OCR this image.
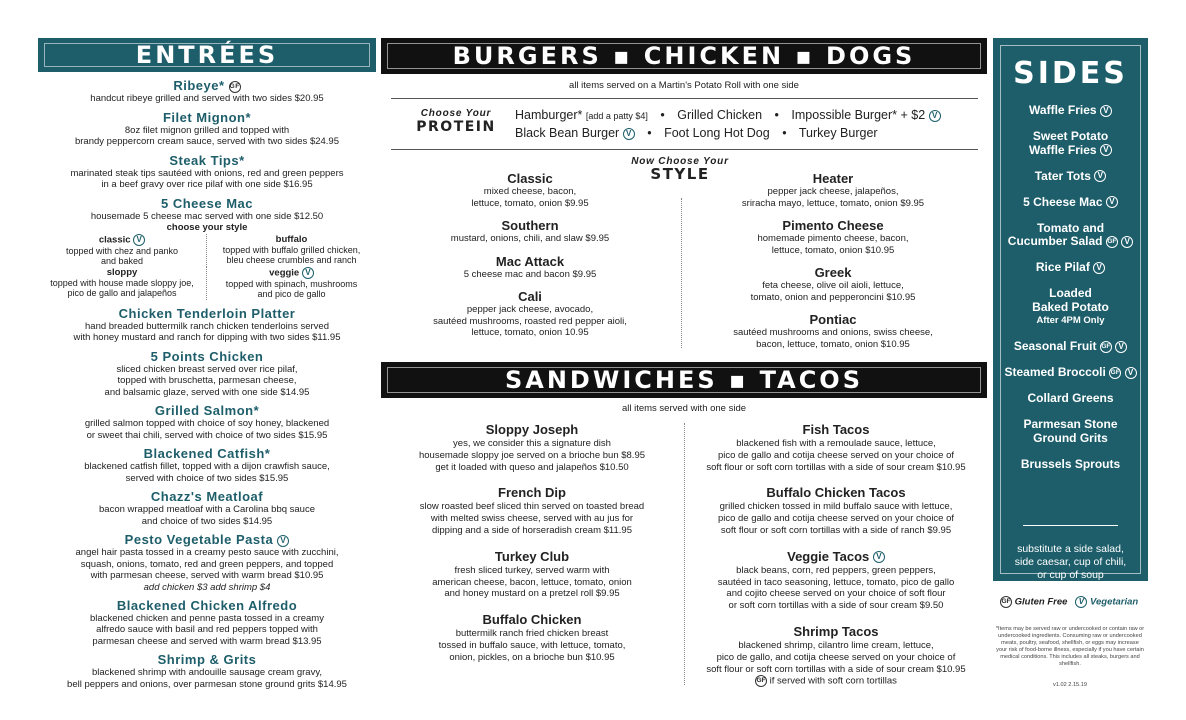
ENTRÉES
Ribeye* GF
handcut ribeye grilled and served with two sides $20.95
Filet Mignon*
8oz filet mignon grilled and topped with
brandy peppercorn cream sauce, served with two sides $24.95
Steak Tips*
marinated steak tips sautéed with onions, red and green peppers
in a beef gravy over rice pilaf with one side $16.95
5 Cheese Mac
housemade 5 cheese mac served with one side $12.50
choose your style
classic V
topped with chez and panko
and baked
buffalo
topped with buffalo grilled chicken,
bleu cheese crumbles and ranch
sloppy
topped with house made sloppy joe,
pico de gallo and jalapeños
veggie V
topped with spinach, mushrooms
and pico de gallo
Chicken Tenderloin Platter
hand breaded buttermilk ranch chicken tenderloins served
with honey mustard and ranch for dipping with two sides $11.95
5 Points Chicken
sliced chicken breast served over rice pilaf,
topped with bruschetta, parmesan cheese,
and balsamic glaze, served with one side $14.95
Grilled Salmon*
grilled salmon topped with choice of soy honey, blackened
or sweet thai chili, served with choice of two sides $15.95
Blackened Catfish*
blackened catfish fillet, topped with a dijon crawfish sauce,
served with choice of two sides $15.95
Chazz's Meatloaf
bacon wrapped meatloaf with a Carolina bbq sauce
and choice of two sides $14.95
Pesto Vegetable Pasta V
angel hair pasta tossed in a creamy pesto sauce with zucchini,
squash, onions, tomato, red and green peppers, and topped
with parmesan cheese, served with warm bread $10.95
add chicken $3 add shrimp $4
Blackened Chicken Alfredo
blackened chicken and penne pasta tossed in a creamy
alfredo sauce with basil and red peppers topped with
parmesan cheese and served with warm bread $13.95
Shrimp & Grits
blackened shrimp with andouille sausage cream gravy,
bell peppers and onions, over parmesan stone ground grits $14.95
BURGERS ▪ CHICKEN ▪ DOGS
all items served on a Martin's Potato Roll with one side
Choose Your
PROTEIN
Hamburger* [add a patty $4] • Grilled Chicken • Impossible Burger* + $2 V
Black Bean Burger V • Foot Long Hot Dog • Turkey Burger
Now Choose Your
STYLE
Classic
mixed cheese, bacon,
lettuce, tomato, onion $9.95
Southern
mustard, onions, chili, and slaw $9.95
Mac Attack
5 cheese mac and bacon $9.95
Cali
pepper jack cheese, avocado,
sautéed mushrooms, roasted red pepper aioli,
lettuce, tomato, onion 10.95
Heater
pepper jack cheese, jalapeños,
sriracha mayo, lettuce, tomato, onion $9.95
Pimento Cheese
homemade pimento cheese, bacon,
lettuce, tomato, onion $10.95
Greek
feta cheese, olive oil aioli, lettuce,
tomato, onion and pepperoncini $10.95
Pontiac
sautéed mushrooms and onions, swiss cheese,
bacon, lettuce, tomato, onion $10.95
SANDWICHES ▪ TACOS
all items served with one side
Sloppy Joseph
yes, we consider this a signature dish
housemade sloppy joe served on a brioche bun $8.95
get it loaded with queso and jalapeños $10.50
French Dip
slow roasted beef sliced thin served on toasted bread
with melted swiss cheese, served with au jus for
dipping and a side of horseradish cream $11.95
Turkey Club
fresh sliced turkey, served warm with
american cheese, bacon, lettuce, tomato, onion
and honey mustard on a pretzel roll $9.95
Buffalo Chicken
buttermilk ranch fried chicken breast
tossed in buffalo sauce, with lettuce, tomato,
onion, pickles, on a brioche bun $10.95
Fish Tacos
blackened fish with a remoulade sauce, lettuce,
pico de gallo and cotija cheese served on your choice of
soft flour or soft corn tortillas with a side of sour cream $10.95
Buffalo Chicken Tacos
grilled chicken tossed in mild buffalo sauce with lettuce,
pico de gallo and cotija cheese served on your choice of
soft flour or soft corn tortillas with a side of ranch $9.95
Veggie Tacos V
black beans, corn, red peppers, green peppers,
sautéed in taco seasoning, lettuce, tomato, pico de gallo
and cojito cheese served on your choice of soft flour
or soft corn tortillas with a side of sour cream $9.50
Shrimp Tacos
blackened shrimp, cilantro lime cream, lettuce,
pico de gallo, and cotija cheese served on your choice of
soft flour or soft corn tortillas with a side of sour cream $10.95
GF if served with soft corn tortillas
SIDES
Waffle Fries V
Sweet Potato
Waffle Fries V
Tater Tots V
5 Cheese Mac V
Tomato and
Cucumber Salad GF V
Rice Pilaf V
Loaded
Baked Potato
After 4PM Only
Seasonal Fruit GF V
Steamed Broccoli GF V
Collard Greens
Parmesan Stone
Ground Grits
Brussels Sprouts
substitute a side salad,
side caesar, cup of chili,
or cup of soup
for additional $1.95
GF Gluten Free V Vegetarian
*Items may be served raw or undercooked or contain raw or undercooked ingredients. Consuming raw or undercooked meats, poultry, seafood, shellfish, or eggs may increase your risk of food-borne illness, especially if you have certain medical conditions. This includes all steaks, burgers and shellfish.
v1.02 2.15.19
